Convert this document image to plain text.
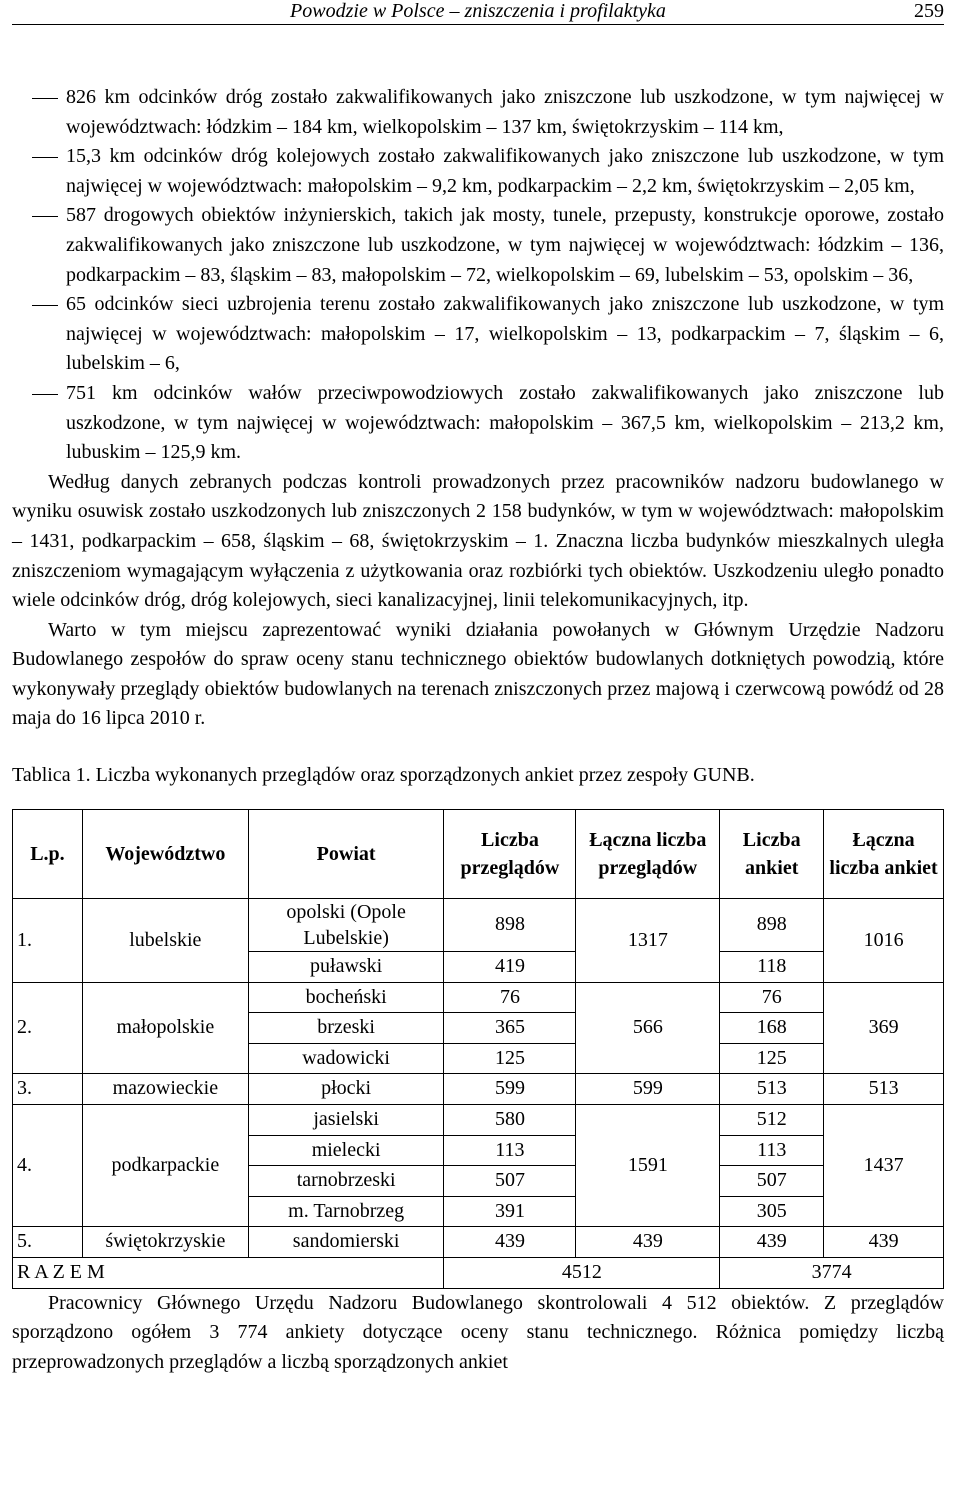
Powodzie w Polsce – zniszczenia i profilaktyka	259
826 km odcinków dróg zostało zakwalifikowanych jako zniszczone lub uszkodzone, w tym najwięcej w województwach: łódzkim – 184 km, wielkopolskim – 137 km, świętokrzyskim – 114 km,
15,3 km odcinków dróg kolejowych zostało zakwalifikowanych jako zniszczone lub uszkodzone, w tym najwięcej w województwach: małopolskim – 9,2 km, podkarpackim – 2,2 km, świętokrzyskim – 2,05 km,
587 drogowych obiektów inżynierskich, takich jak mosty, tunele, przepusty, konstrukcje oporowe, zostało zakwalifikowanych jako zniszczone lub uszkodzone, w tym najwięcej w województwach: łódzkim – 136, podkarpackim – 83, śląskim – 83, małopolskim – 72, wielkopolskim – 69, lubelskim – 53, opolskim – 36,
65 odcinków sieci uzbrojenia terenu zostało zakwalifikowanych jako zniszczone lub uszkodzone, w tym najwięcej w województwach: małopolskim – 17, wielkopolskim – 13, podkarpackim – 7, śląskim – 6, lubelskim – 6,
751 km odcinków wałów przeciwpowodziowych zostało zakwalifikowanych jako zniszczone lub uszkodzone, w tym najwięcej w województwach: małopolskim – 367,5 km, wielkopolskim – 213,2 km, lubuskim – 125,9 km.

Według danych zebranych podczas kontroli prowadzonych przez pracowników nadzoru budowlanego w wyniku osuwisk zostało uszkodzonych lub zniszczonych 2 158 budynków, w tym w województwach: małopolskim – 1431, podkarpackim – 658, śląskim – 68, świętokrzyskim – 1. Znaczna liczba budynków mieszkalnych uległa zniszczeniom wymagającym wyłączenia z użytkowania oraz rozbiórki tych obiektów. Uszkodzeniu uległo ponadto wiele odcinków dróg, dróg kolejowych, sieci kanalizacyjnej, linii telekomunikacyjnych, itp.

Warto w tym miejscu zaprezentować wyniki działania powołanych w Głównym Urzędzie Nadzoru Budowlanego zespołów do spraw oceny stanu technicznego obiektów budowlanych dotkniętych powodzią, które wykonywały przeglądy obiektów budowlanych na terenach zniszczonych przez majową i czerwcową powódź od 28 maja do 16 lipca 2010 r.

Tablica 1. Liczba wykonanych przeglądów oraz sporządzonych ankiet przez zespoły GUNB.
L.p.	Województwo	Powiat	Liczba przeglądów	Łączna liczba przeglądów	Liczba ankiet	Łączna liczba ankiet
1.	lubelskie	opolski (Opole Lubelskie)	898	1317	898	1016
		puławski	419		118	
2.	małopolskie	bocheński	76	566	76	369
		brzeski	365		168	
		wadowicki	125		125	
3.	mazowieckie	płocki	599	599	513	513
4.	podkarpackie	jasielski	580	1591	512	1437
		mielecki	113		113	
		tarnobrzeski	507		507	
		m. Tarnobrzeg	391		305	
5.	świętokrzyskie	sandomierski	439	439	439	439
R A Z E M			4512		3774	

Pracownicy Głównego Urzędu Nadzoru Budowlanego skontrolowali 4 512 obiektów. Z przeglądów sporządzono ogółem 3 774 ankiety dotyczące oceny stanu technicznego. Różnica pomiędzy liczbą przeprowadzonych przeglądów a liczbą sporządzonych ankiet
